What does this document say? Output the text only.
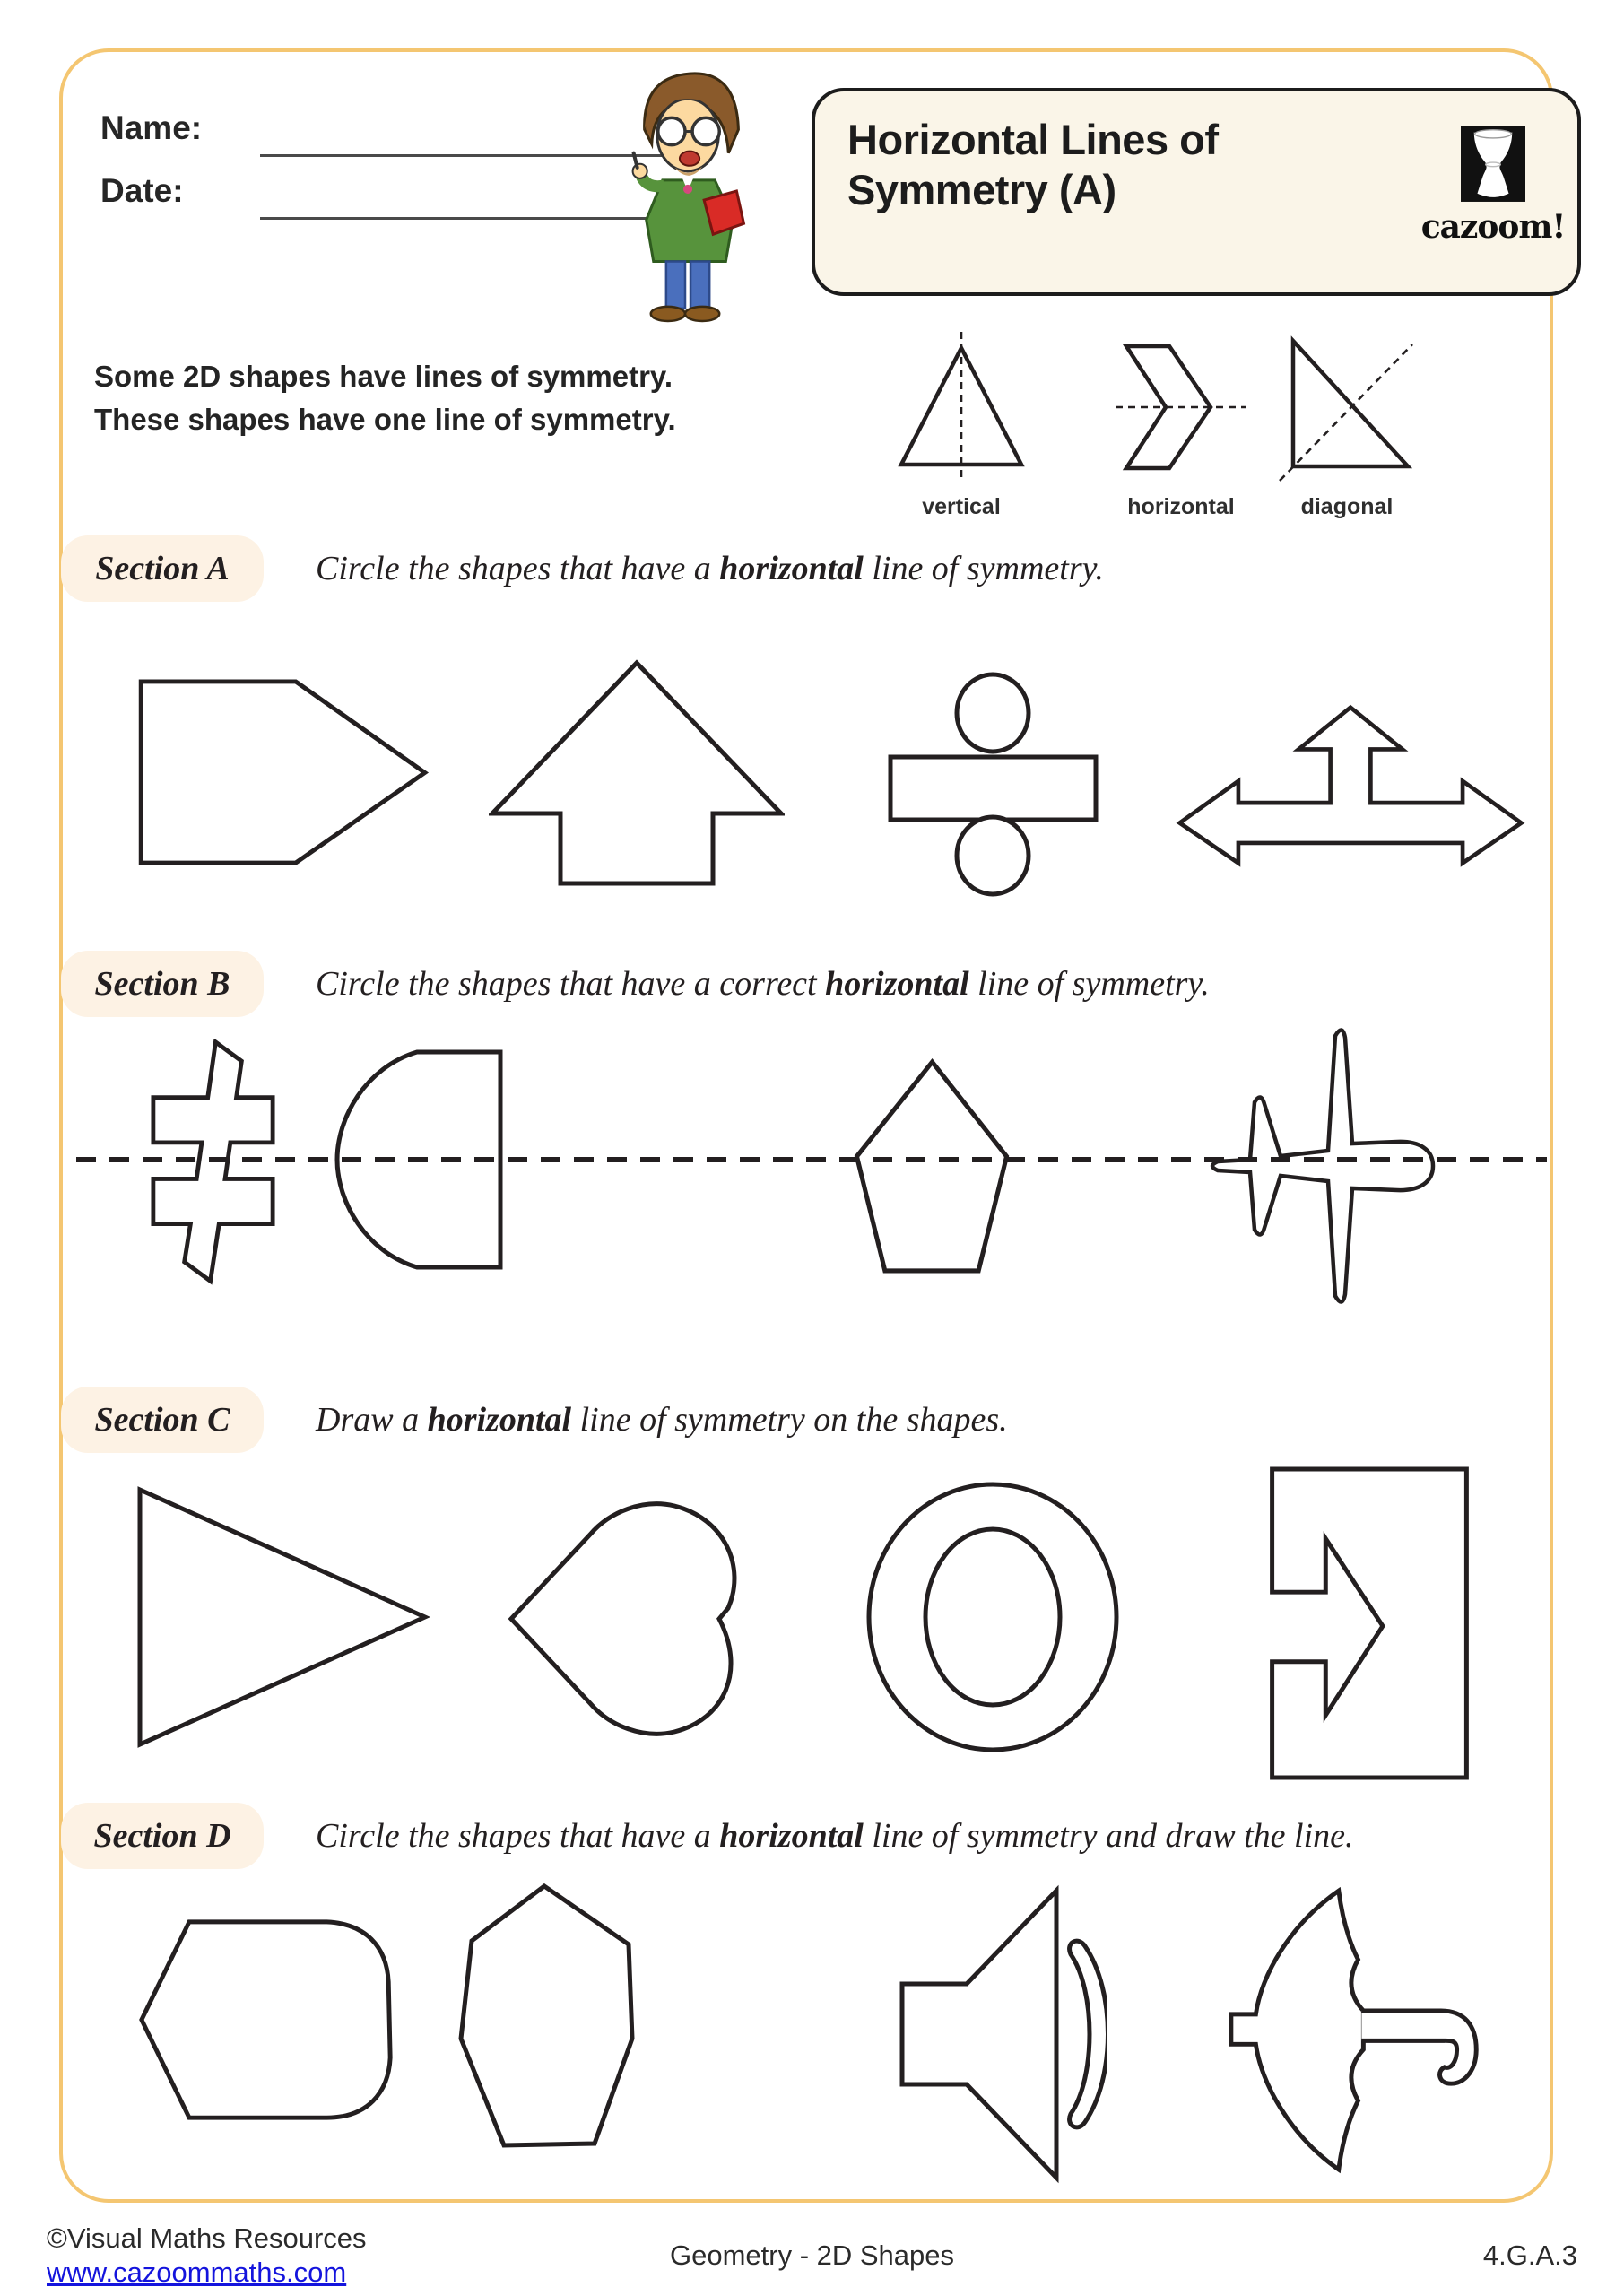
Name:
Date:
Horizontal Lines of
Symmetry (A)
cazoom!
Some 2D shapes have lines of symmetry.
These shapes have one line of symmetry.
vertical	horizontal	diagonal
Section A	Circle the shapes that have a horizontal line of symmetry.
Section B	Circle the shapes that have a correct horizontal line of symmetry.
Section C	Draw a horizontal line of symmetry on the shapes.
Section D	Circle the shapes that have a horizontal line of symmetry and draw the line.
©Visual Maths Resources
www.cazoommaths.com
Geometry - 2D Shapes	4.G.A.3
